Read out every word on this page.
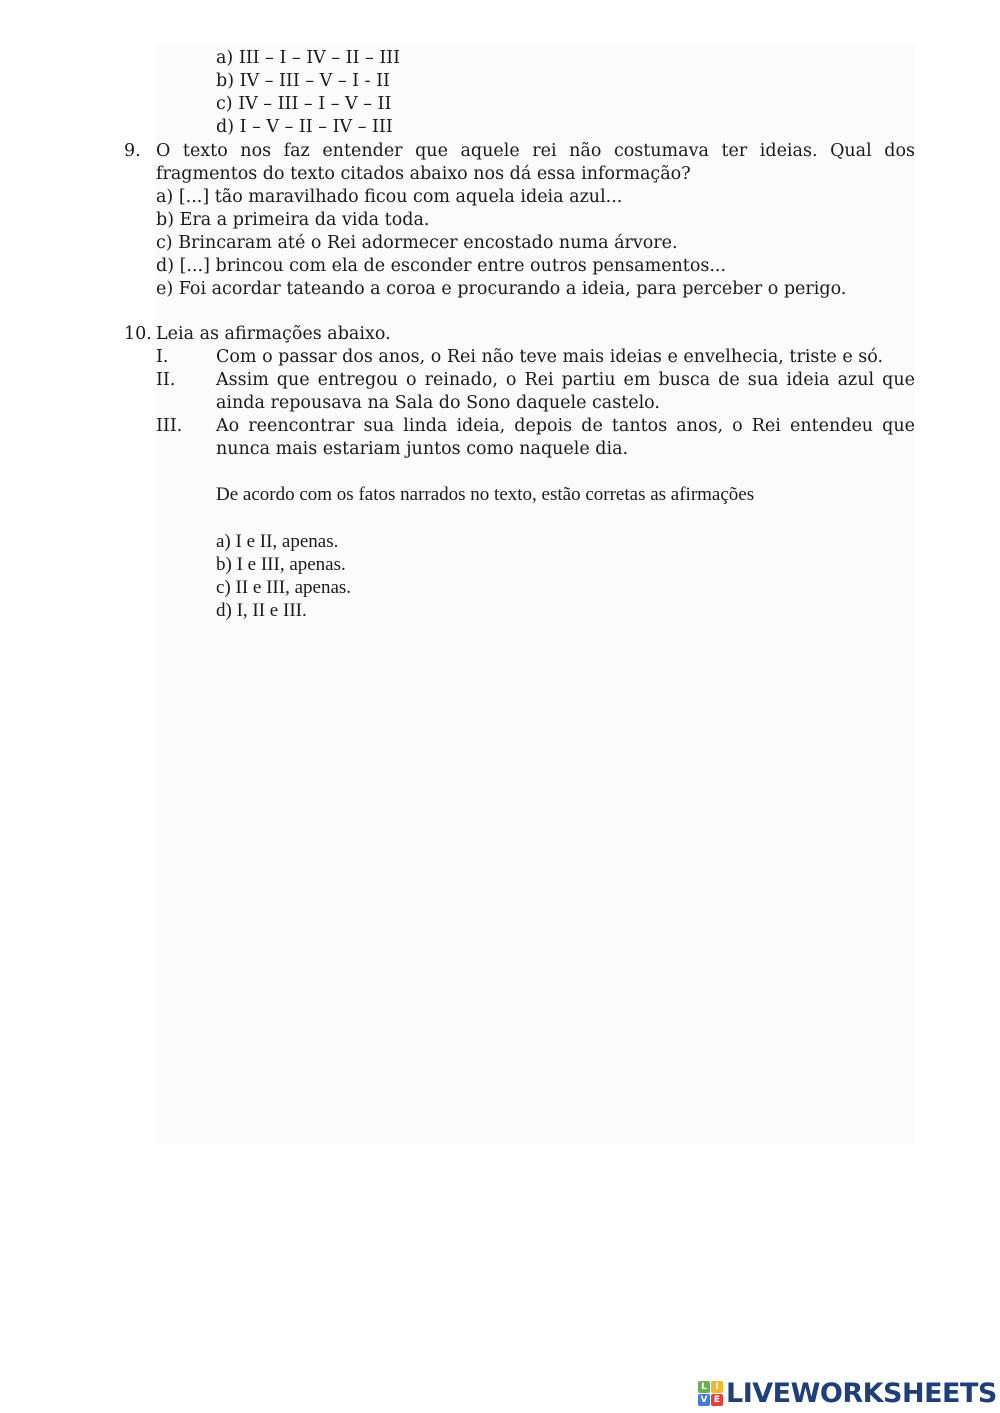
a) III – I – IV – II – III
b) IV – III – V – I - II
c) IV – III – I – V – II
d) I – V – II – IV – III
9. O texto nos faz entender que aquele rei não costumava ter ideias. Qual dos
fragmentos do texto citados abaixo nos dá essa informação?
a) [...] tão maravilhado ficou com aquela ideia azul...
b) Era a primeira da vida toda.
c) Brincaram até o Rei adormecer encostado numa árvore.
d) [...] brincou com ela de esconder entre outros pensamentos...
e) Foi acordar tateando a coroa e procurando a ideia, para perceber o perigo.
10. Leia as afirmações abaixo.
I.	Com o passar dos anos, o Rei não teve mais ideias e envelhecia, triste e só.
II. Assim que entregou o reinado, o Rei partiu em busca de sua ideia azul que
ainda repousava na Sala do Sono daquele castelo.
III. Ao reencontrar sua linda ideia, depois de tantos anos, o Rei entendeu que
nunca mais estariam juntos como naquele dia.
De acordo com os fatos narrados no texto, estão corretas as afirmações
a) I e II, apenas.
b) I e III, apenas.
c) II e III, apenas.
d) I, II e III.
L I
V E LIVEWORKSHEETS
